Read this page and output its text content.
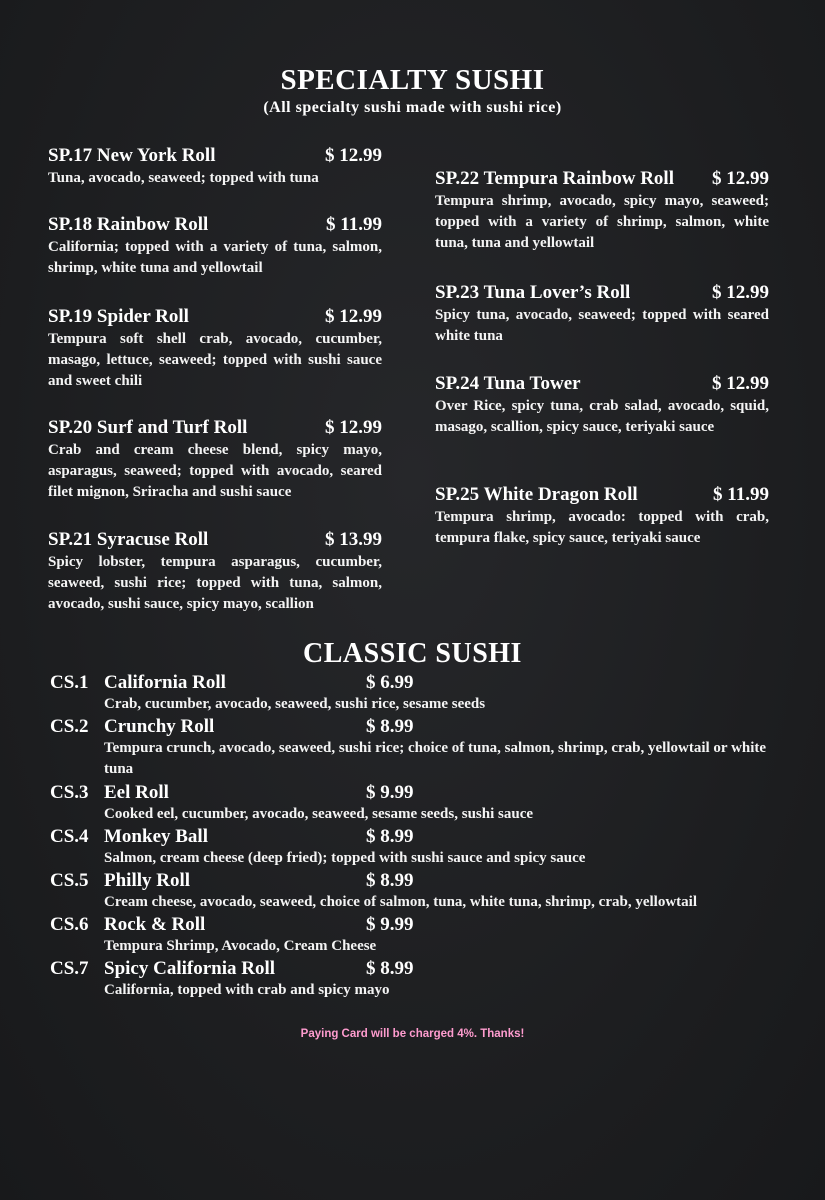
SPECIALTY SUSHI
(All specialty sushi made with sushi rice)
SP.17 New York Roll	$ 12.99
Tuna, avocado, seaweed; topped with tuna
SP.18 Rainbow Roll	$ 11.99
California; topped with a variety of tuna, salmon, shrimp, white tuna and yellowtail
SP.19 Spider Roll	$ 12.99
Tempura soft shell crab, avocado, cucumber, masago, lettuce, seaweed; topped with sushi sauce and sweet chili
SP.20 Surf and Turf Roll	$ 12.99
Crab and cream cheese blend, spicy mayo, asparagus, seaweed; topped with avocado, seared filet mignon, Sriracha and sushi sauce
SP.21 Syracuse Roll	$ 13.99
Spicy lobster, tempura asparagus, cucumber, seaweed, sushi rice; topped with tuna, salmon, avocado, sushi sauce, spicy mayo, scallion
SP.22 Tempura Rainbow Roll $ 12.99
Tempura shrimp, avocado, spicy mayo, seaweed; topped with a variety of shrimp, salmon, white tuna, tuna and yellowtail
SP.23 Tuna Lover’s Roll	$ 12.99
Spicy tuna, avocado, seaweed; topped with seared white tuna
SP.24 Tuna Tower	$ 12.99
Over Rice, spicy tuna, crab salad, avocado, squid, masago, scallion, spicy sauce, teriyaki sauce
SP.25 White Dragon Roll	$ 11.99
Tempura shrimp, avocado: topped with crab, tempura flake, spicy sauce, teriyaki sauce
CLASSIC SUSHI
CS.1 California Roll	$ 6.99
Crab, cucumber, avocado, seaweed, sushi rice, sesame seeds
CS.2 Crunchy Roll	$ 8.99
Tempura crunch, avocado, seaweed, sushi rice; choice of tuna, salmon, shrimp, crab, yellowtail or white tuna
CS.3 Eel Roll	$ 9.99
Cooked eel, cucumber, avocado, seaweed, sesame seeds, sushi sauce
CS.4 Monkey Ball	$ 8.99
Salmon, cream cheese (deep fried); topped with sushi sauce and spicy sauce
CS.5 Philly Roll	$ 8.99
Cream cheese, avocado, seaweed, choice of salmon, tuna, white tuna, shrimp, crab, yellowtail
CS.6 Rock & Roll	$ 9.99
Tempura Shrimp, Avocado, Cream Cheese
CS.7 Spicy California Roll	$ 8.99
California, topped with crab and spicy mayo
Paying Card will be charged 4%. Thanks!
